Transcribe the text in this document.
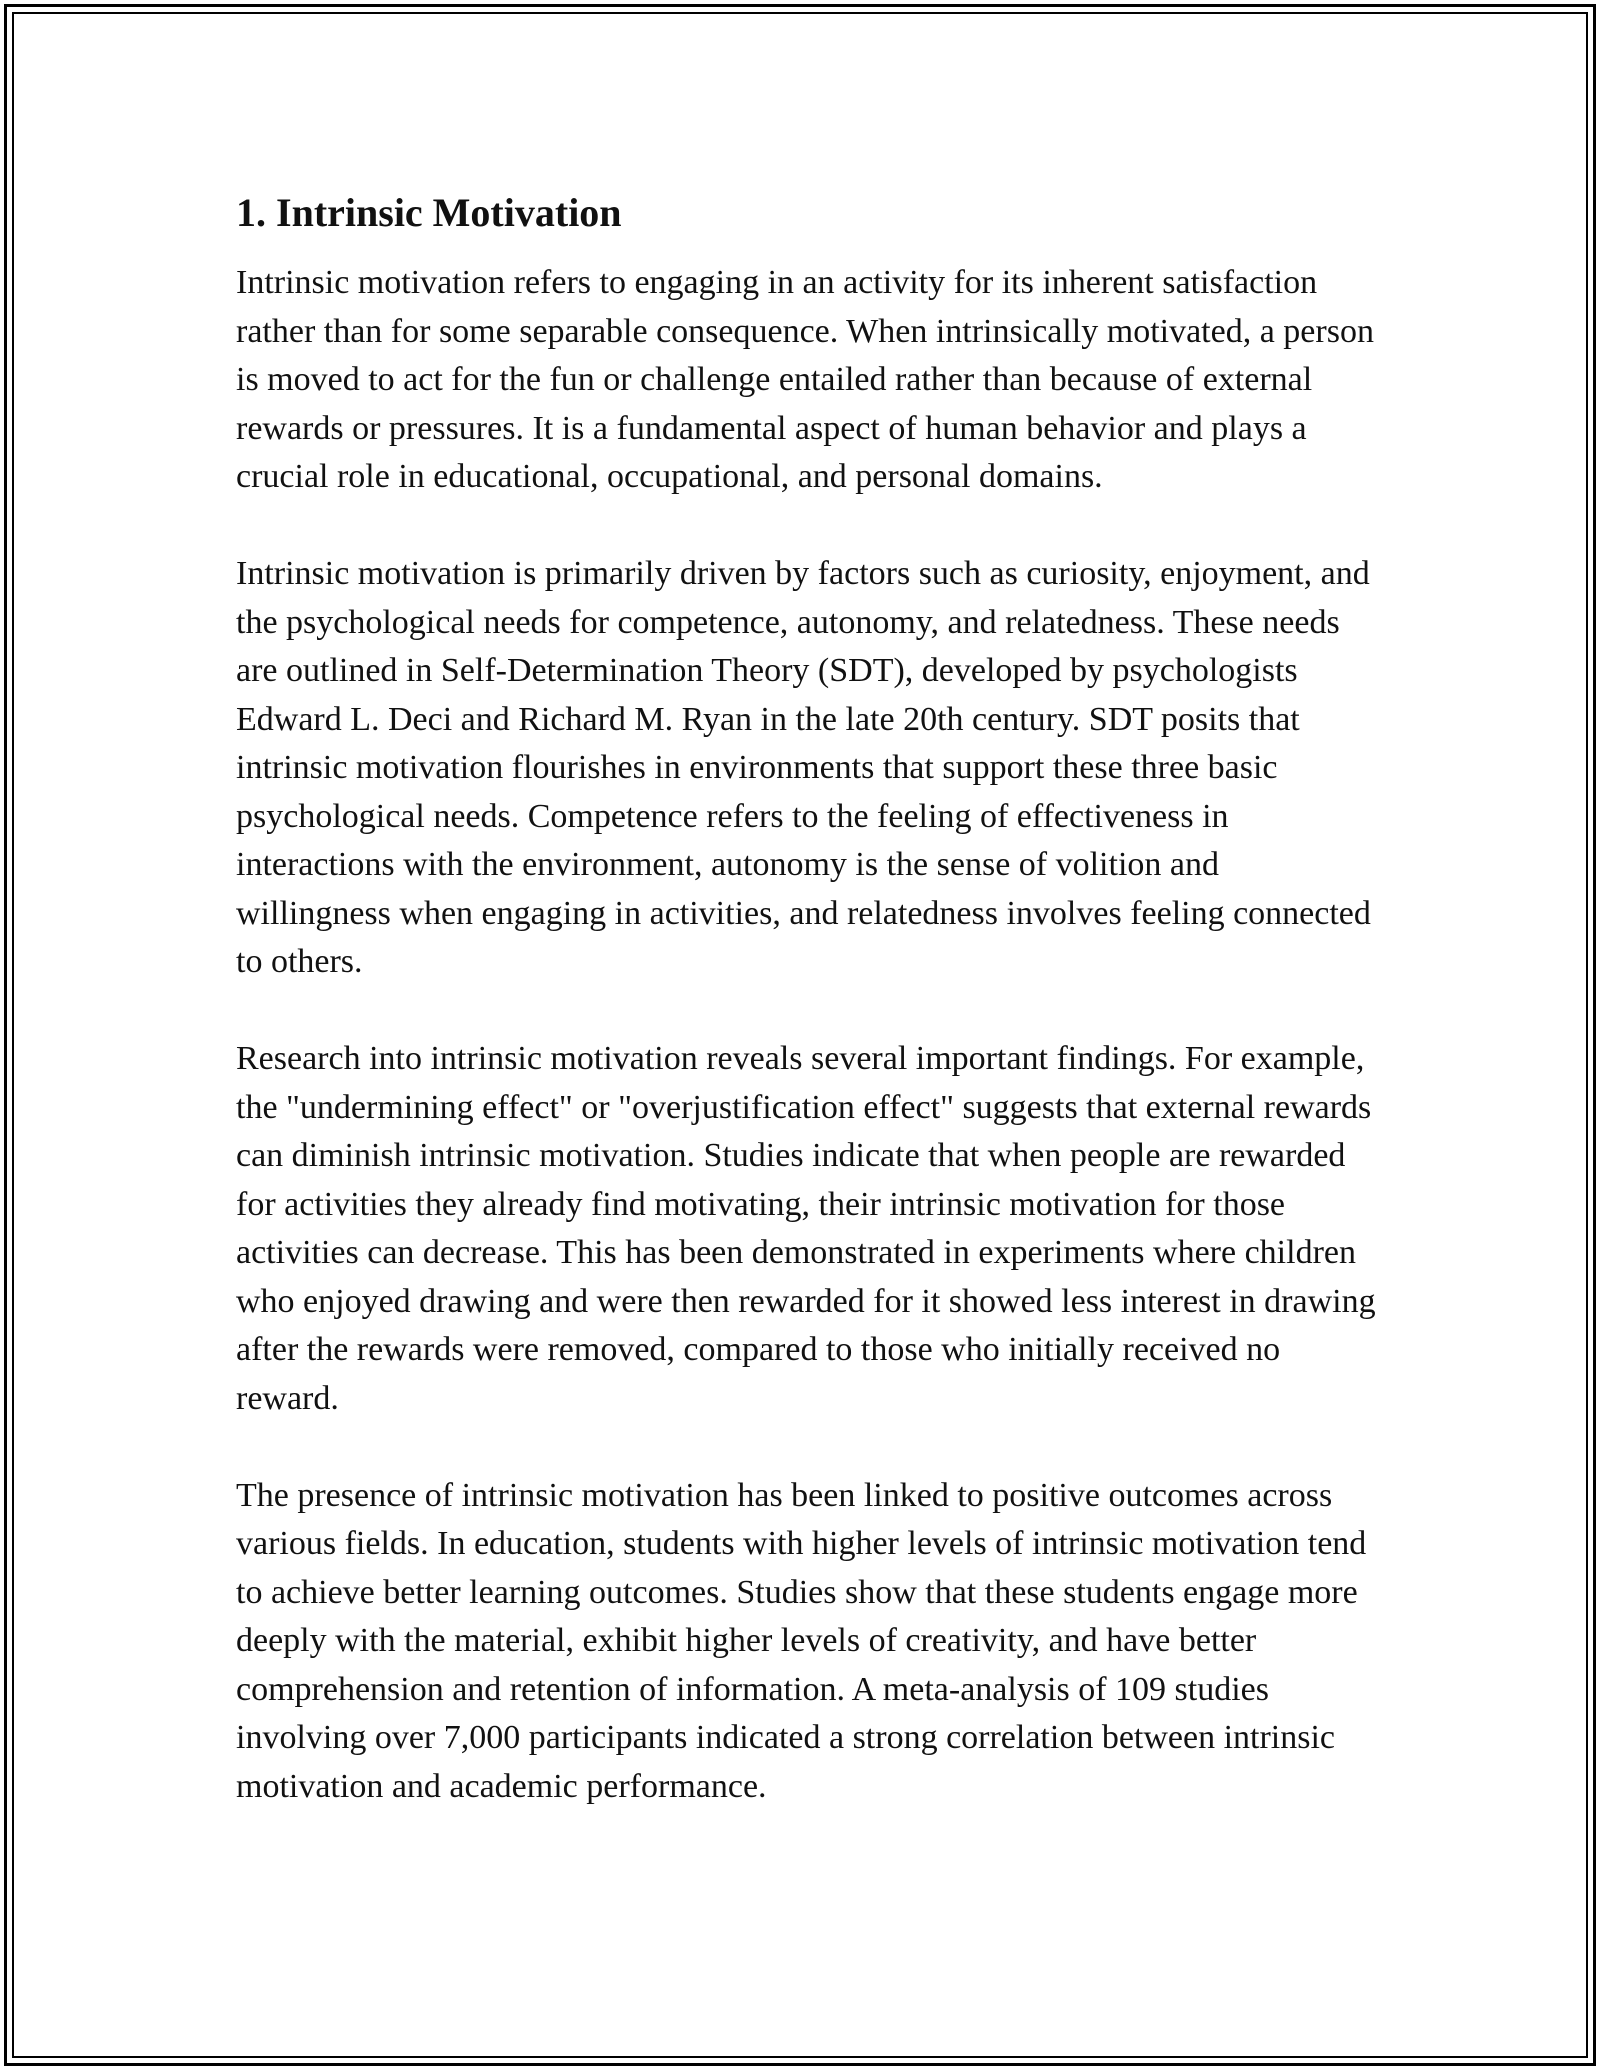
1. Intrinsic Motivation

Intrinsic motivation refers to engaging in an activity for its inherent satisfaction rather than for some separable consequence. When intrinsically motivated, a person is moved to act for the fun or challenge entailed rather than because of external rewards or pressures. It is a fundamental aspect of human behavior and plays a crucial role in educational, occupational, and personal domains.

Intrinsic motivation is primarily driven by factors such as curiosity, enjoyment, and the psychological needs for competence, autonomy, and relatedness. These needs are outlined in Self-Determination Theory (SDT), developed by psychologists Edward L. Deci and Richard M. Ryan in the late 20th century. SDT posits that intrinsic motivation flourishes in environments that support these three basic psychological needs. Competence refers to the feeling of effectiveness in interactions with the environment, autonomy is the sense of volition and willingness when engaging in activities, and relatedness involves feeling connected to others.

Research into intrinsic motivation reveals several important findings. For example, the "undermining effect" or "overjustification effect" suggests that external rewards can diminish intrinsic motivation. Studies indicate that when people are rewarded for activities they already find motivating, their intrinsic motivation for those activities can decrease. This has been demonstrated in experiments where children who enjoyed drawing and were then rewarded for it showed less interest in drawing after the rewards were removed, compared to those who initially received no reward.

The presence of intrinsic motivation has been linked to positive outcomes across various fields. In education, students with higher levels of intrinsic motivation tend to achieve better learning outcomes. Studies show that these students engage more deeply with the material, exhibit higher levels of creativity, and have better comprehension and retention of information. A meta-analysis of 109 studies involving over 7,000 participants indicated a strong correlation between intrinsic motivation and academic performance.
